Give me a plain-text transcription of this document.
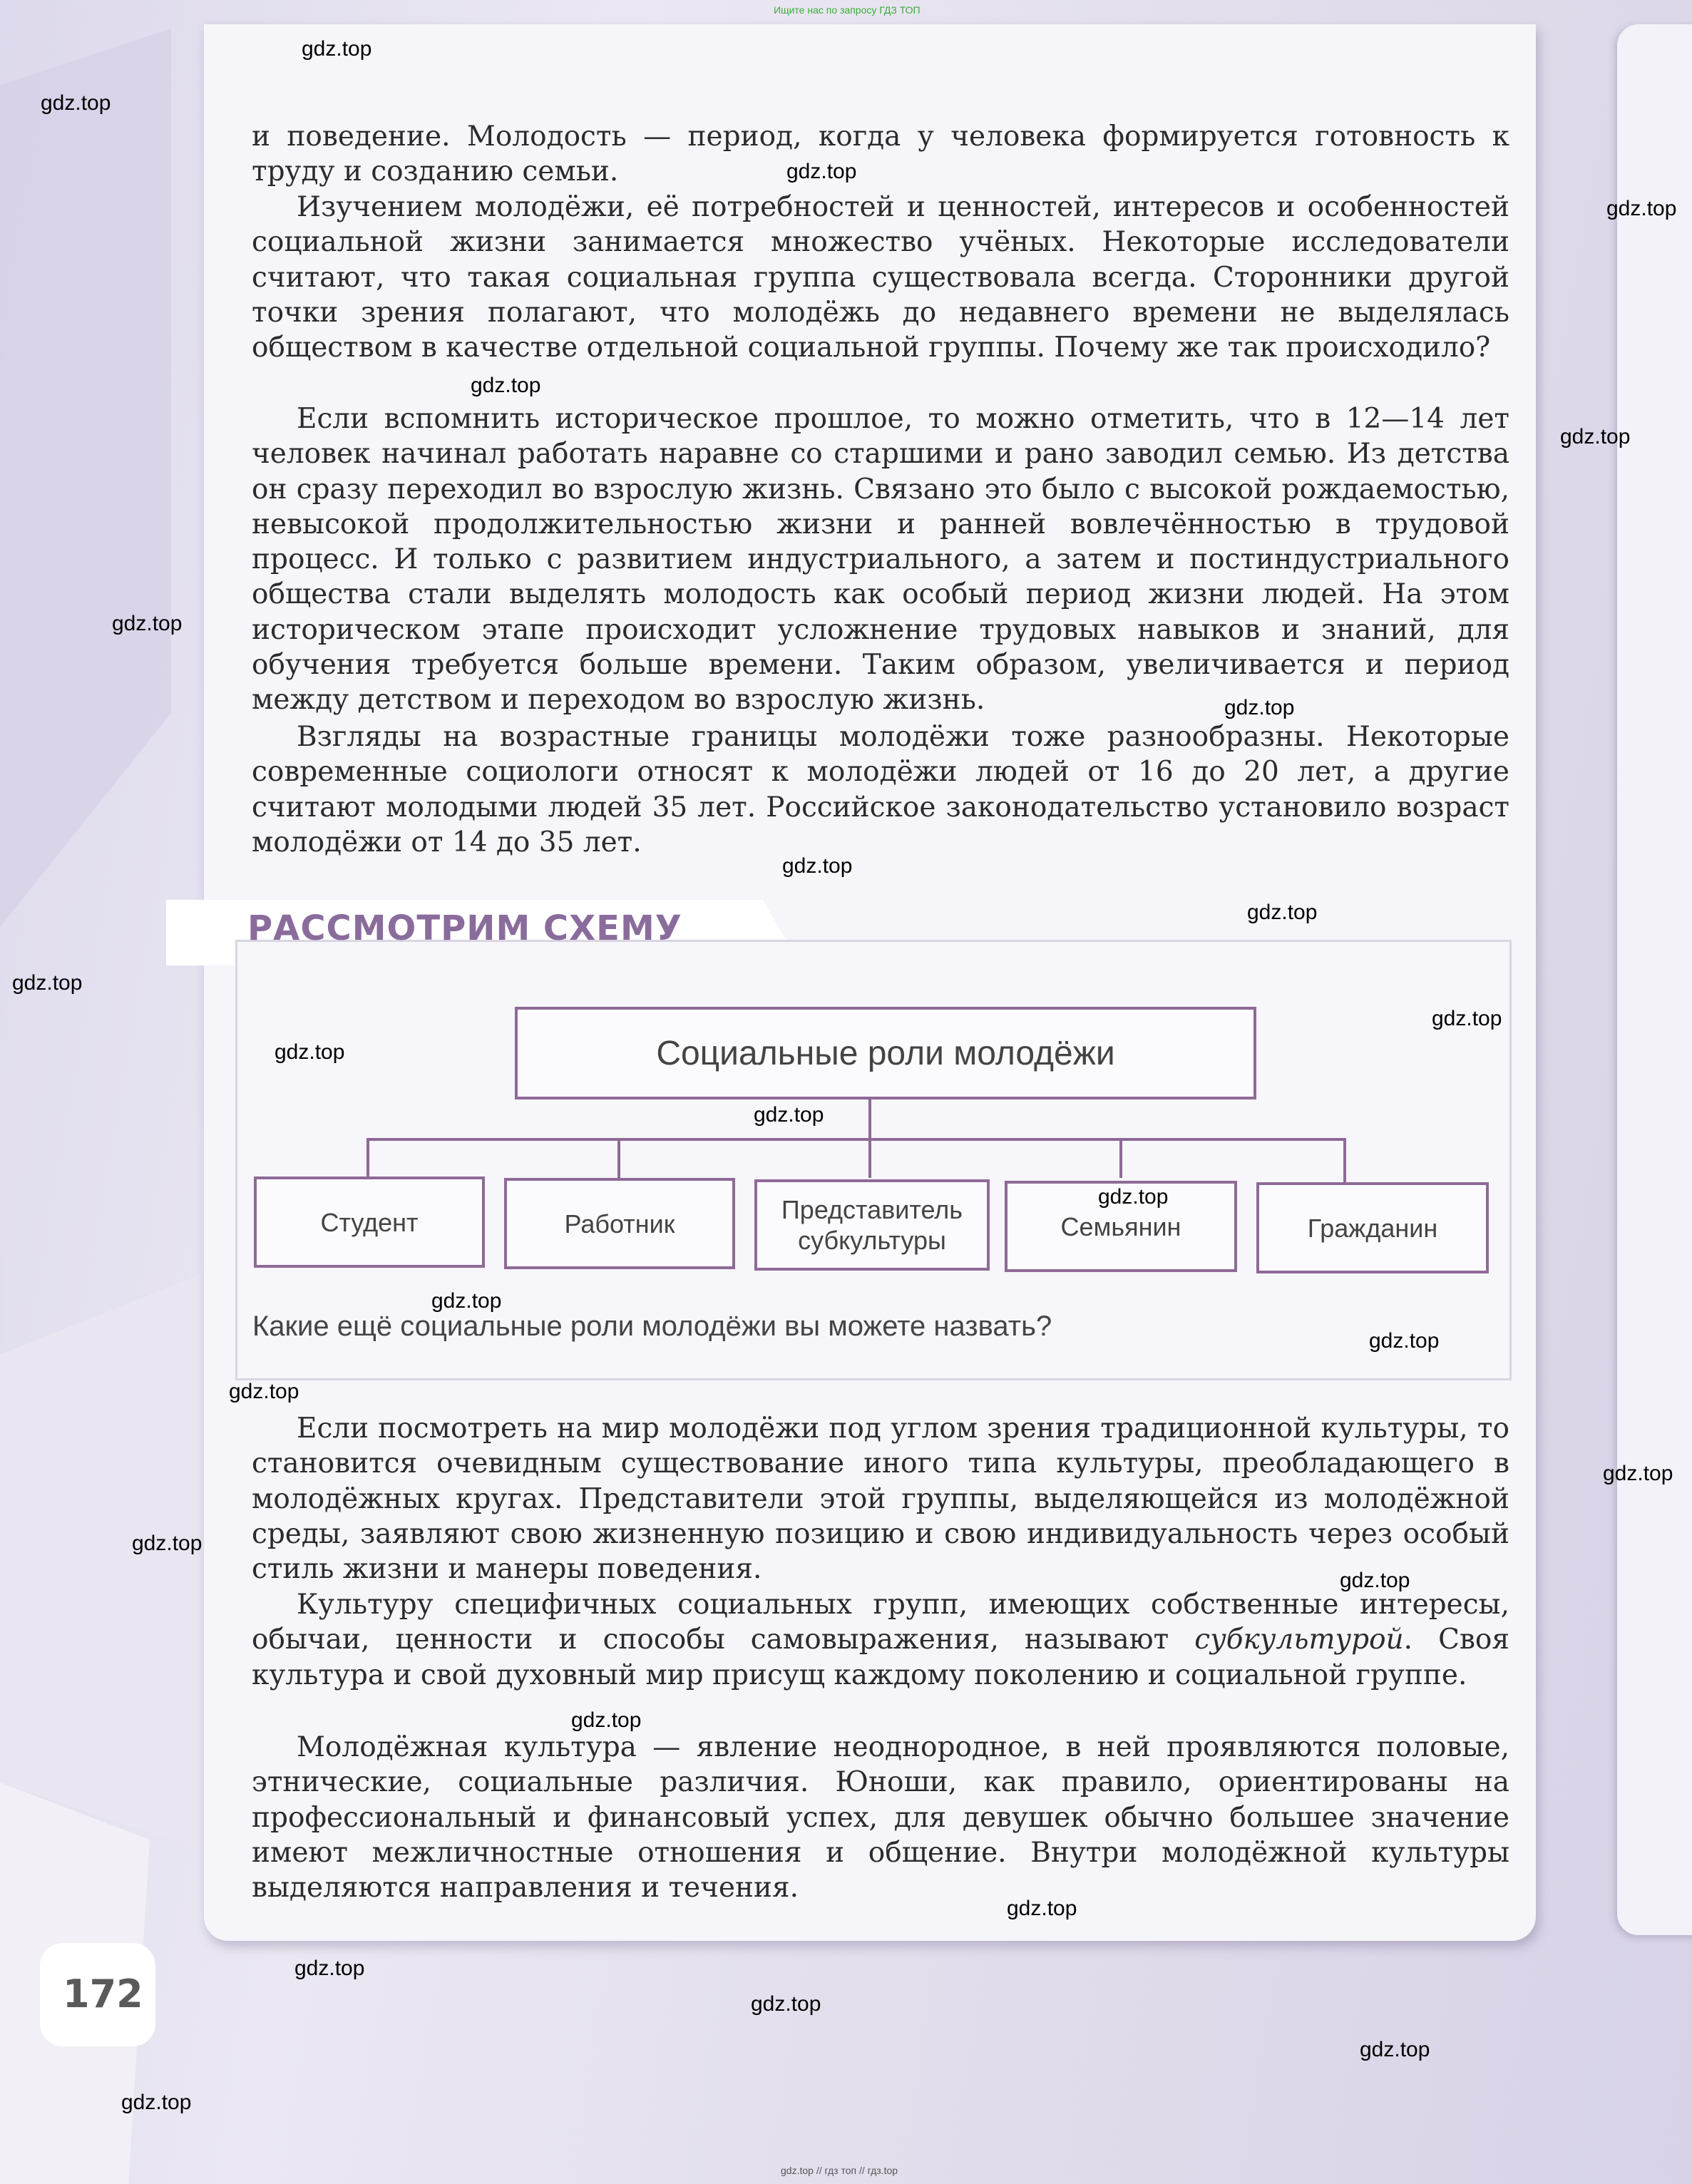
Ищите нас по запросу ГДЗ ТОП

и поведение. Молодость — период, когда у человека формируется готовность к труду и созданию семьи.

Изучением молодёжи, её потребностей и ценностей, интересов и особенностей социальной жизни занимается множество учёных. Некоторые исследователи считают, что такая социальная группа существовала всегда. Сторонники другой точки зрения полагают, что молодёжь до недавнего времени не выделялась обществом в качестве отдельной социальной группы. Почему же так происходило?

Если вспомнить историческое прошлое, то можно отметить, что в 12—14 лет человек начинал работать наравне со старшими и рано заводил семью. Из детства он сразу переходил во взрослую жизнь. Связано это было с высокой рождаемостью, невысокой продолжительностью жизни и ранней вовлечённостью в трудовой процесс. И только с развитием индустриального, а затем и постиндустриального общества стали выделять молодость как особый период жизни людей. На этом историческом этапе происходит усложнение трудовых навыков и знаний, для обучения требуется больше времени. Таким образом, увеличивается и период между детством и переходом во взрослую жизнь.

Взгляды на возрастные границы молодёжи тоже разнообразны. Некоторые современные социологи относят к молодёжи людей от 16 до 20 лет, а другие считают молодыми людей 35 лет. Российское законодательство установило возраст молодёжи от 14 до 35 лет.

РАССМОТРИМ СХЕМУ
Социальные роли молодёжи
Студент	Работник	Представитель субкультуры	Семьянин	Гражданин

Какие ещё социальные роли молодёжи вы можете назвать?

Если посмотреть на мир молодёжи под углом зрения традиционной культуры, то становится очевидным существование иного типа культуры, преобладающего в молодёжных кругах. Представители этой группы, выделяющейся из молодёжной среды, заявляют свою жизненную позицию и свою индивидуальность через особый стиль жизни и манеры поведения.

Культуру специфичных социальных групп, имеющих собственные интересы, обычаи, ценности и способы самовыражения, называют субкультурой. Своя культура и свой духовный мир присущ каждому поколению и социальной группе.

Молодёжная культура — явление неоднородное, в ней проявляются половые, этнические, социальные различия. Юноши, как правило, ориентированы на профессиональный и финансовый успех, для девушек обычно большее значение имеют межличностные отношения и общение. Внутри молодёжной культуры выделяются направления и течения.

172

gdz.top // гдз топ // гдз.top
gdz.top
gdz.top
gdz.top
gdz.top
gdz.top
gdz.top
gdz.top
gdz.top
gdz.top
gdz.top
gdz.top
gdz.top
gdz.top
gdz.top
gdz.top
gdz.top
gdz.top
gdz.top
gdz.top
gdz.top
gdz.top
gdz.top
gdz.top
gdz.top
gdz.top
gdz.top
gdz.top
